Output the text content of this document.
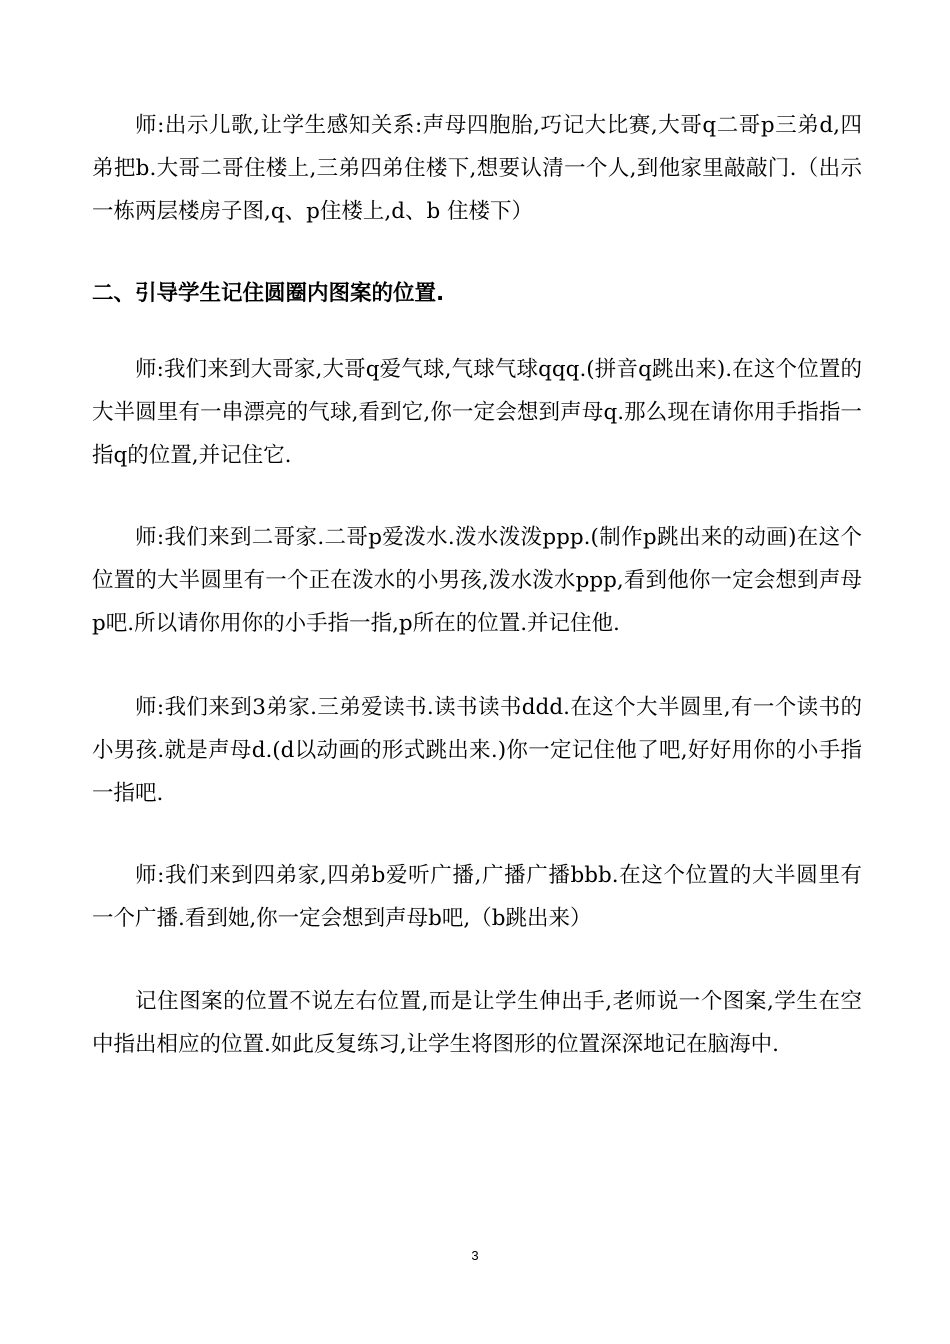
师:出示儿歌,让学生感知关系:声母四胞胎,巧记大比赛,大哥q二哥p三弟d,四弟把b.大哥二哥住楼上,三弟四弟住楼下,想要认清一个人,到他家里敲敲门.（出示一栋两层楼房子图,q、p住楼上,d、b 住楼下）

二、引导学生记住圆圈内图案的位置.

师:我们来到大哥家,大哥q爱气球,气球气球qqq.(拼音q跳出来).在这个位置的大半圆里有一串漂亮的气球,看到它,你一定会想到声母q.那么现在请你用手指指一指q的位置,并记住它.

师:我们来到二哥家.二哥p爱泼水.泼水泼泼ppp.(制作p跳出来的动画)在这个位置的大半圆里有一个正在泼水的小男孩,泼水泼水ppp,看到他你一定会想到声母p吧.所以请你用你的小手指一指,p所在的位置.并记住他.

师:我们来到3弟家.三弟爱读书.读书读书ddd.在这个大半圆里,有一个读书的小男孩.就是声母d.(d以动画的形式跳出来.)你一定记住他了吧,好好用你的小手指一指吧.

师:我们来到四弟家,四弟b爱听广播,广播广播bbb.在这个位置的大半圆里有一个广播.看到她,你一定会想到声母b吧,（b跳出来）

记住图案的位置不说左右位置,而是让学生伸出手,老师说一个图案,学生在空中指出相应的位置.如此反复练习,让学生将图形的位置深深地记在脑海中.

3
